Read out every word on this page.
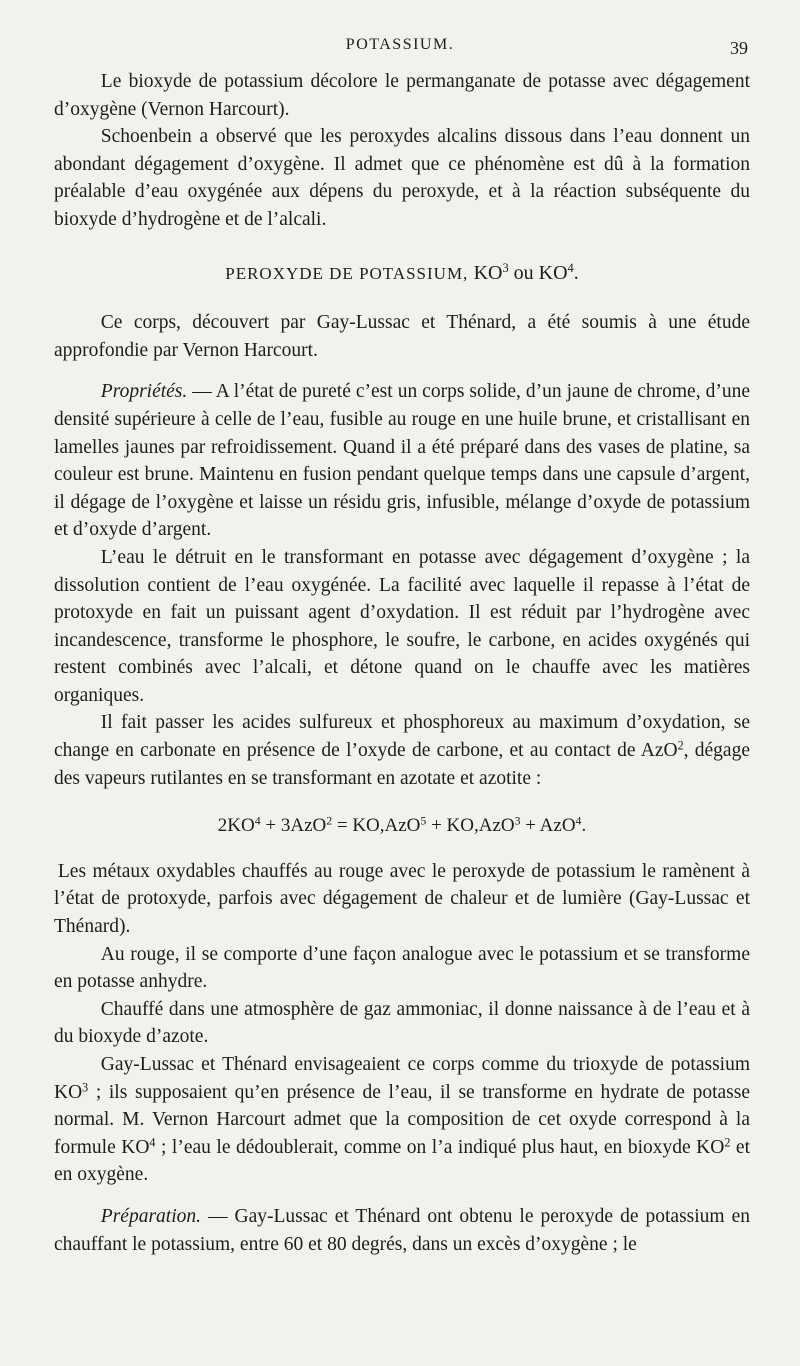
POTASSIUM.	39

Le bioxyde de potassium décolore le permanganate de potasse avec dégagement d’oxygène (Vernon Harcourt).

Schoenbein a observé que les peroxydes alcalins dissous dans l’eau donnent un abondant dégagement d’oxygène. Il admet que ce phénomène est dû à la formation préalable d’eau oxygénée aux dépens du peroxyde, et à la réaction subséquente du bioxyde d’hydrogène et de l’alcali.

PEROXYDE DE POTASSIUM, $KO^3$ ou $KO^4$.

Ce corps, découvert par Gay-Lussac et Thénard, a été soumis à une étude approfondie par Vernon Harcourt.

Propriétés. — A l’état de pureté c’est un corps solide, d’un jaune de chrome, d’une densité supérieure à celle de l’eau, fusible au rouge en une huile brune, et cristallisant en lamelles jaunes par refroidissement. Quand il a été préparé dans des vases de platine, sa couleur est brune. Maintenu en fusion pendant quelque temps dans une capsule d’argent, il dégage de l’oxygène et laisse un résidu gris, infusible, mélange d’oxyde de potassium et d’oxyde d’argent.

L’eau le détruit en le transformant en potasse avec dégagement d’oxygène ; la dissolution contient de l’eau oxygénée. La facilité avec laquelle il repasse à l’état de protoxyde en fait un puissant agent d’oxydation. Il est réduit par l’hydrogène avec incandescence, transforme le phosphore, le soufre, le carbone, en acides oxygénés qui restent combinés avec l’alcali, et détone quand on le chauffe avec les matières organiques.

Il fait passer les acides sulfureux et phosphoreux au maximum d’oxydation, se change en carbonate en présence de l’oxyde de carbone, et au contact de AzO$^2$, dégage des vapeurs rutilantes en se transformant en azotate et azotite :

$2KO^4 + 3AzO^2 = KO,AzO^5 + KO,AzO^3 + AzO^4$.

Les métaux oxydables chauffés au rouge avec le peroxyde de potassium le ramènent à l’état de protoxyde, parfois avec dégagement de chaleur et de lumière (Gay-Lussac et Thénard).

Au rouge, il se comporte d’une façon analogue avec le potassium et se transforme en potasse anhydre.

Chauffé dans une atmosphère de gaz ammoniac, il donne naissance à de l’eau et à du bioxyde d’azote.

Gay-Lussac et Thénard envisageaient ce corps comme du trioxyde de potassium $KO^3$ ; ils supposaient qu’en présence de l’eau, il se transforme en hydrate de potasse normal. M. Vernon Harcourt admet que la composition de cet oxyde correspond à la formule $KO^4$ ; l’eau le dédoublerait, comme on l’a indiqué plus haut, en bioxyde $KO^2$ et en oxygène.

Préparation. — Gay-Lussac et Thénard ont obtenu le peroxyde de potassium en chauffant le potassium, entre 60 et 80 degrés, dans un excès d’oxygène ; le
